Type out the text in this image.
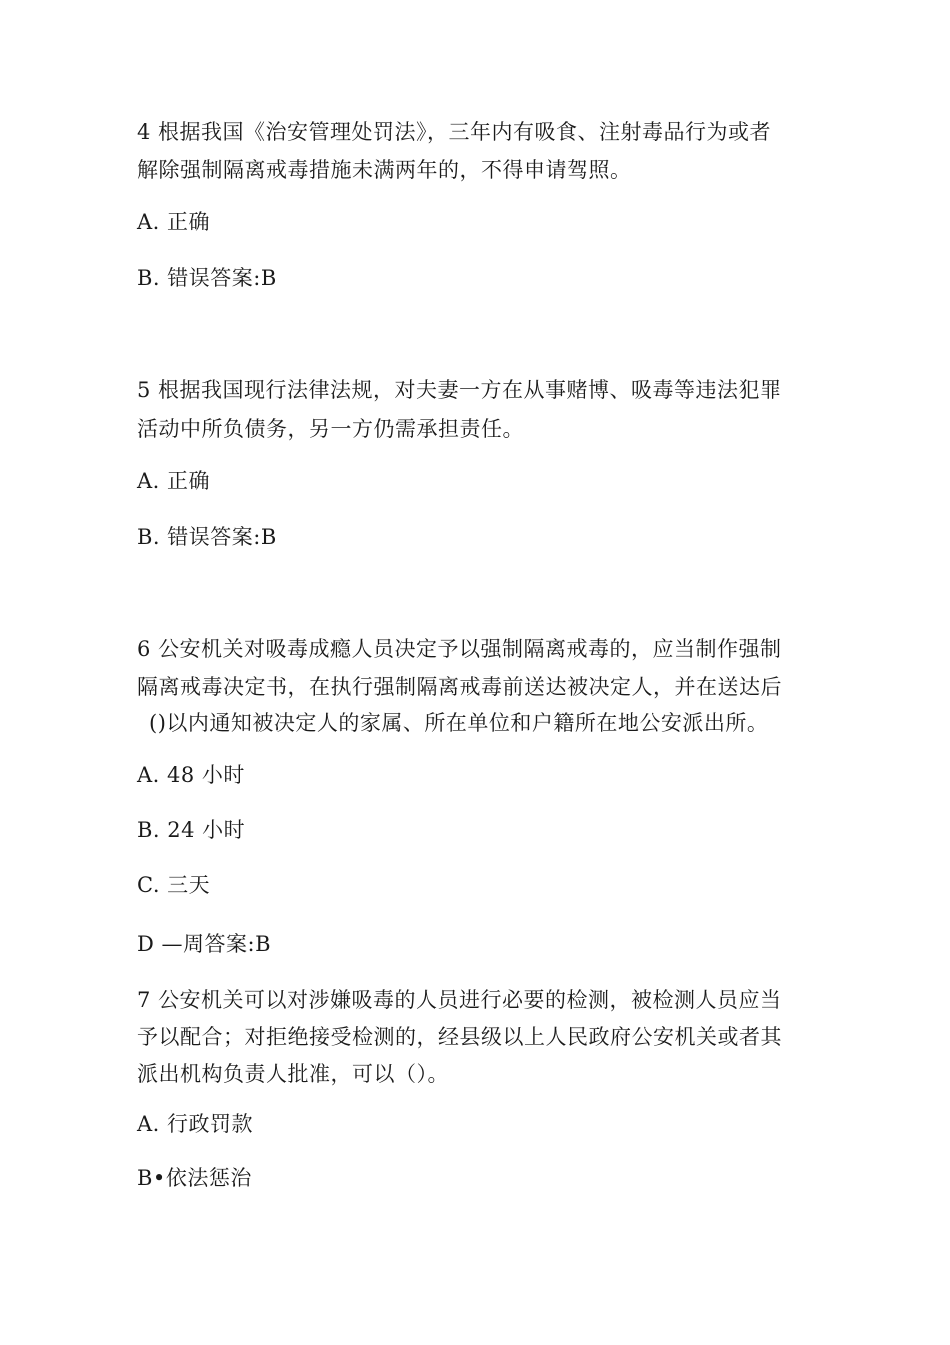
4 根据我国《治安管理处罚法》，三年内有吸食、注射毒品行为或者
解除强制隔离戒毒措施未满两年的，不得申请驾照。
A. 正确
B. 错误答案:B
5 根据我国现行法律法规，对夫妻一方在从事赌博、吸毒等违法犯罪
活动中所负债务，另一方仍需承担责任。
A. 正确
B. 错误答案:B
6 公安机关对吸毒成瘾人员决定予以强制隔离戒毒的，应当制作强制
隔离戒毒决定书，在执行强制隔离戒毒前送达被决定人，并在送达后
()以内通知被决定人的家属、所在单位和户籍所在地公安派出所。
A. 48 小时
B. 24 小时
C. 三天
D —周答案:B
7 公安机关可以对涉嫌吸毒的人员进行必要的检测，被检测人员应当
予以配合；对拒绝接受检测的，经县级以上人民政府公安机关或者其
派出机构负责人批准，可以（）。
A. 行政罚款
B•依法惩治
